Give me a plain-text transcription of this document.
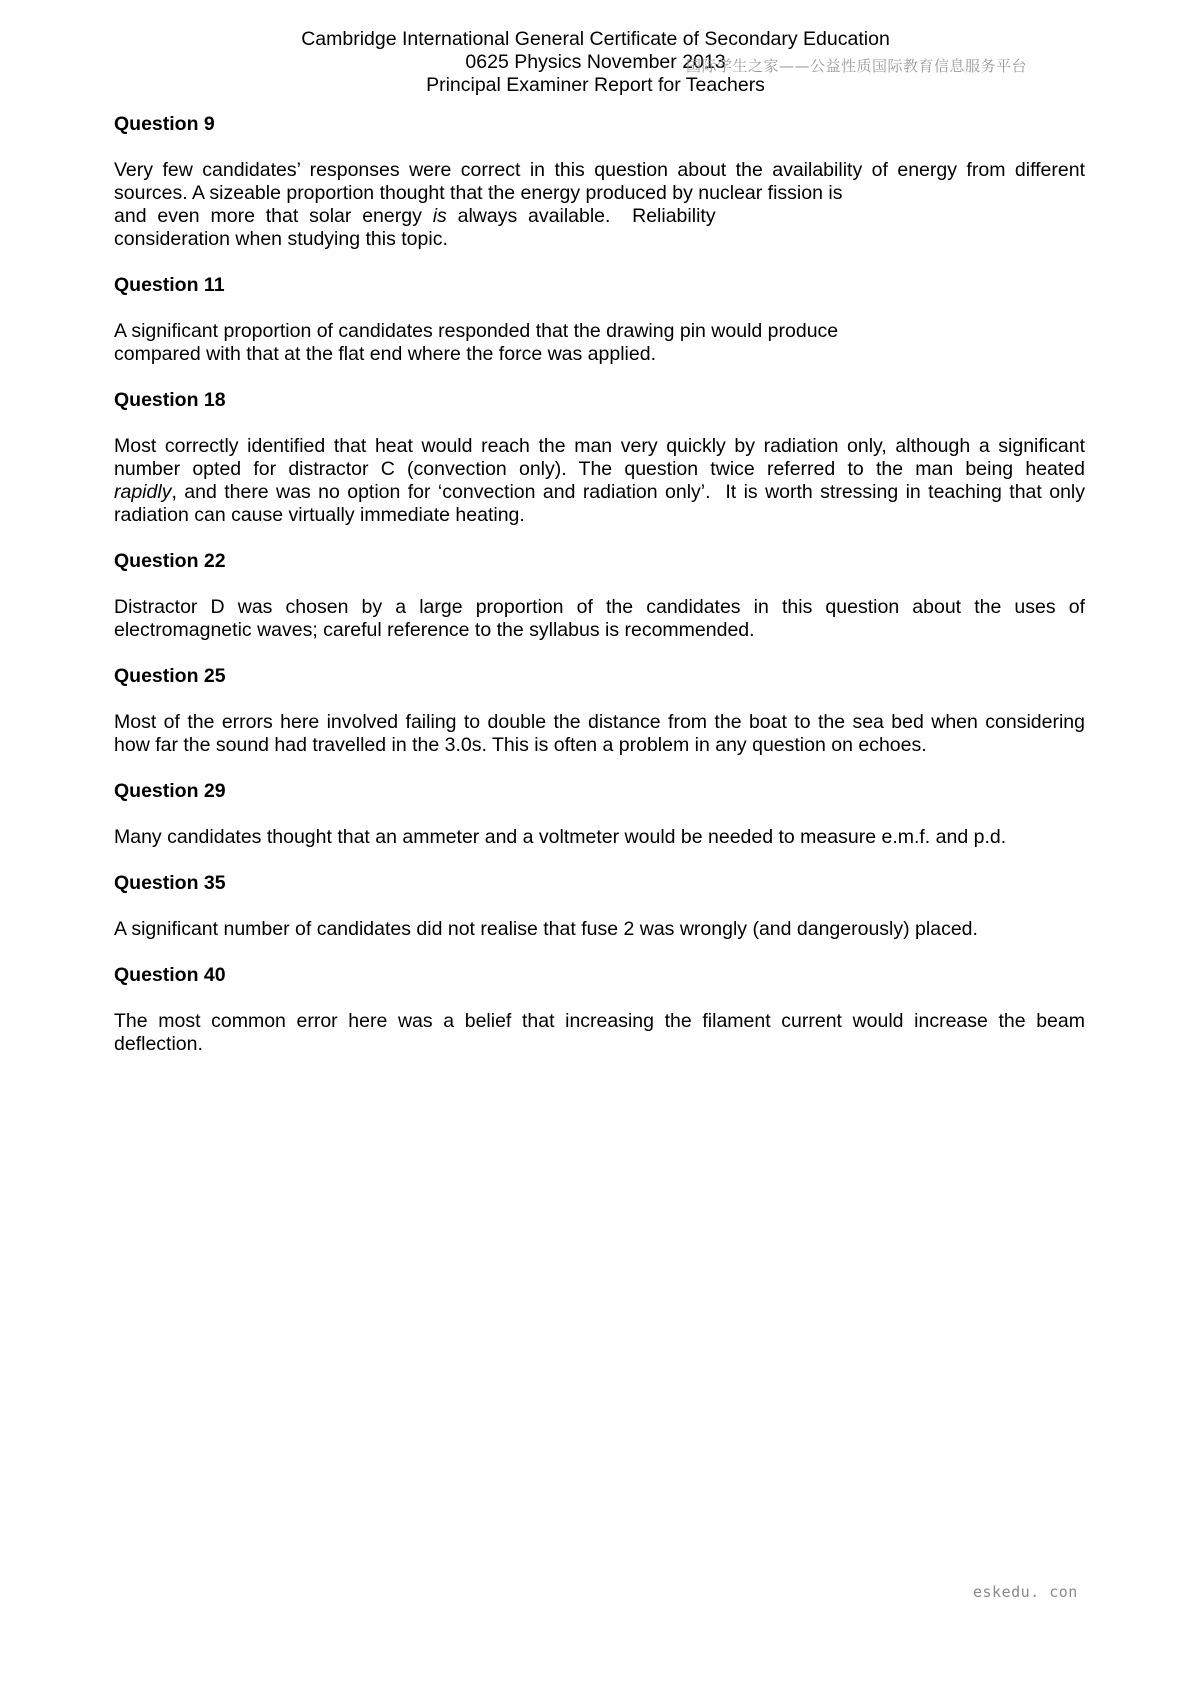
Cambridge International General Certificate of Secondary Education
0625 Physics November 2013
Principal Examiner Report for Teachers
国际学生之家——公益性质国际教育信息服务平台
Question 9
Very few candidates’ responses were correct in this question about the availability of energy from different
sources. A sizeable proportion thought that the energy produced by nuclear fission is
and  even  more  that  solar  energy  is  always  available.    Reliability
consideration when studying this topic.
Question 11
A significant proportion of candidates responded that the drawing pin would produce
compared with that at the flat end where the force was applied.
Question 18
Most correctly identified that heat would reach the man very quickly by radiation only, although a significant
number opted for distractor C (convection only). The question twice referred to the man being heated
rapidly, and there was no option for ‘convection and radiation only’.  It is worth stressing in teaching that only
radiation can cause virtually immediate heating.
Question 22
Distractor D was chosen by a large proportion of the candidates in this question about the uses of
electromagnetic waves; careful reference to the syllabus is recommended.
Question 25
Most of the errors here involved failing to double the distance from the boat to the sea bed when considering
how far the sound had travelled in the 3.0s. This is often a problem in any question on echoes.
Question 29
Many candidates thought that an ammeter and a voltmeter would be needed to measure e.m.f. and p.d.
Question 35
A significant number of candidates did not realise that fuse 2 was wrongly (and dangerously) placed.
Question 40
The most common error here was a belief that increasing the filament current would increase the beam
deflection.
eskedu. con
